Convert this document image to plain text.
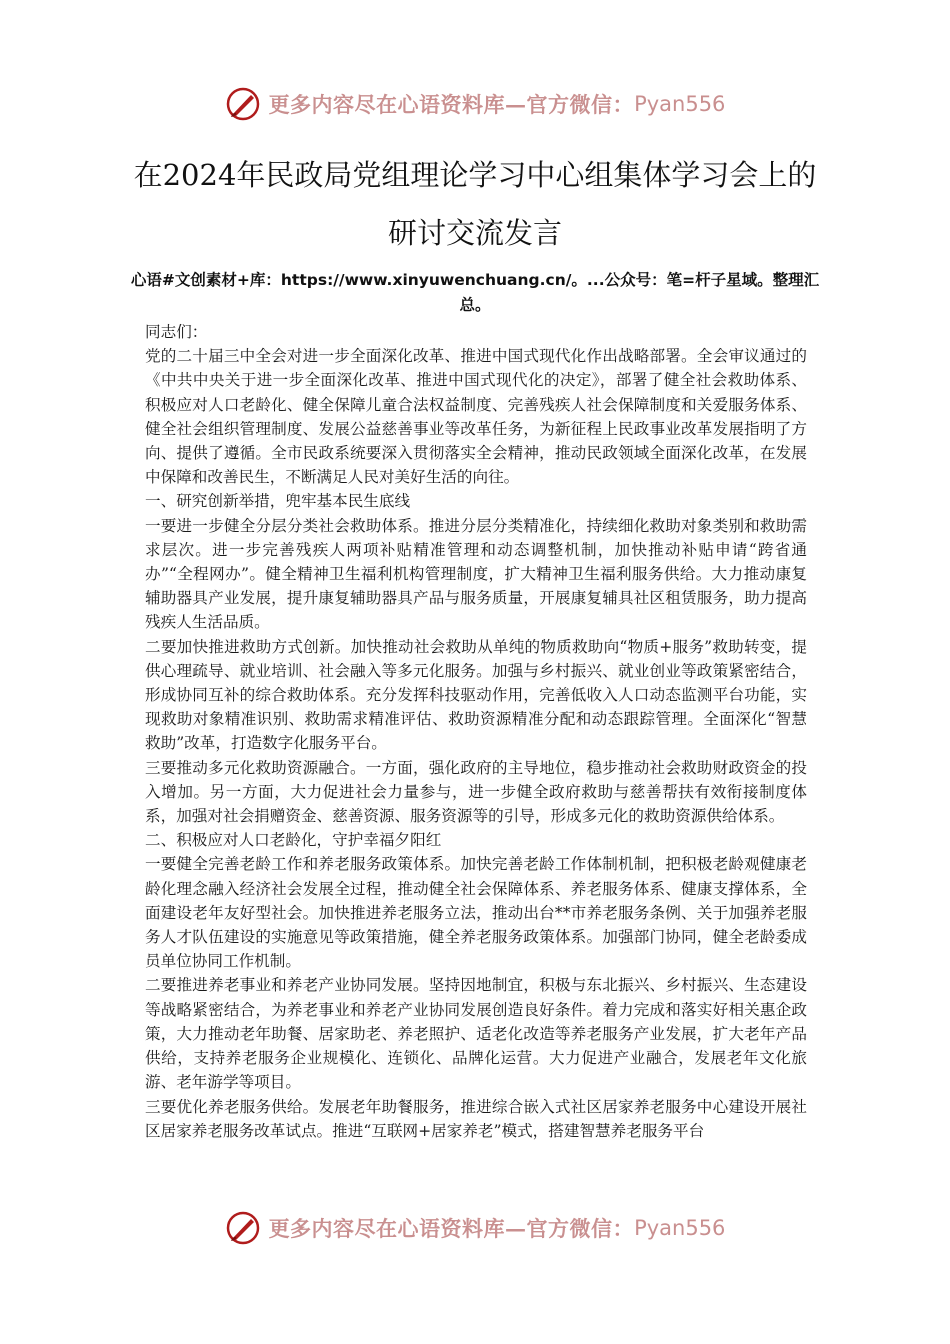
更多内容尽在心语资料库—官方微信： Pyan556
在2024年民政局党组理论学习中心组集体学习会上的研讨交流发言
心语#文创素材+库：https://www.xinyuwenchuang.cn/。...公众号：笔=杆子星域。整理汇总。

同志们：

党的二十届三中全会对进一步全面深化改革、推进中国式现代化作出战略部署。全会审议通过的《中共中央关于进一步全面深化改革、推进中国式现代化的决定》，部署了健全社会救助体系、积极应对人口老龄化、健全保障儿童合法权益制度、完善残疾人社会保障制度和关爱服务体系、健全社会组织管理制度、发展公益慈善事业等改革任务，为新征程上民政事业改革发展指明了方向、提供了遵循。全市民政系统要深入贯彻落实全会精神，推动民政领域全面深化改革，在发展中保障和改善民生，不断满足人民对美好生活的向往。

一、研究创新举措，兜牢基本民生底线

一要进一步健全分层分类社会救助体系。推进分层分类精准化，持续细化救助对象类别和救助需求层次。进一步完善残疾人两项补贴精准管理和动态调整机制，加快推动补贴申请“跨省通办”“全程网办”。健全精神卫生福利机构管理制度，扩大精神卫生福利服务供给。大力推动康复辅助器具产业发展，提升康复辅助器具产品与服务质量，开展康复辅具社区租赁服务，助力提高残疾人生活品质。

二要加快推进救助方式创新。加快推动社会救助从单纯的物质救助向“物质+服务”救助转变，提供心理疏导、就业培训、社会融入等多元化服务。加强与乡村振兴、就业创业等政策紧密结合，形成协同互补的综合救助体系。充分发挥科技驱动作用，完善低收入人口动态监测平台功能，实现救助对象精准识别、救助需求精准评估、救助资源精准分配和动态跟踪管理。全面深化“智慧救助”改革，打造数字化服务平台。

三要推动多元化救助资源融合。一方面，强化政府的主导地位，稳步推动社会救助财政资金的投入增加。另一方面，大力促进社会力量参与，进一步健全政府救助与慈善帮扶有效衔接制度体系，加强对社会捐赠资金、慈善资源、服务资源等的引导，形成多元化的救助资源供给体系。

二、积极应对人口老龄化，守护幸福夕阳红

一要健全完善老龄工作和养老服务政策体系。加快完善老龄工作体制机制，把积极老龄观健康老龄化理念融入经济社会发展全过程，推动健全社会保障体系、养老服务体系、健康支撑体系，全面建设老年友好型社会。加快推进养老服务立法，推动出台**市养老服务条例、关于加强养老服务人才队伍建设的实施意见等政策措施，健全养老服务政策体系。加强部门协同，健全老龄委成员单位协同工作机制。

二要推进养老事业和养老产业协同发展。坚持因地制宜，积极与东北振兴、乡村振兴、生态建设等战略紧密结合，为养老事业和养老产业协同发展创造良好条件。着力完成和落实好相关惠企政策，大力推动老年助餐、居家助老、养老照护、适老化改造等养老服务产业发展，扩大老年产品供给，支持养老服务企业规模化、连锁化、品牌化运营。大力促进产业融合，发展老年文化旅游、老年游学等项目。

三要优化养老服务供给。发展老年助餐服务，推进综合嵌入式社区居家养老服务中心建设开展社区居家养老服务改革试点。推进“互联网+居家养老”模式，搭建智慧养老服务平台

更多内容尽在心语资料库—官方微信： Pyan556
